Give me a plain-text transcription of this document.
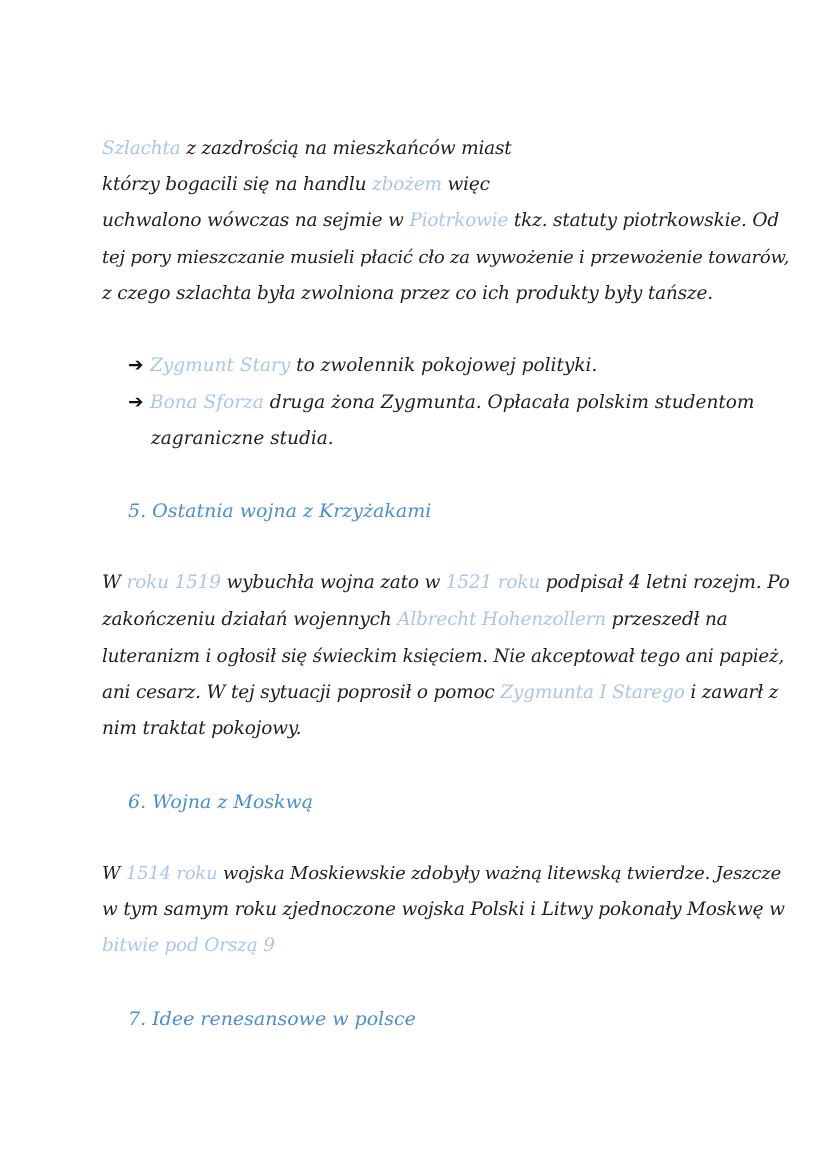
Szlachta z zazdrością na mieszkańców miast
którzy bogacili się na handlu zbożem więc
uchwalono wówczas na sejmie w Piotrkowie tkz. statuty piotrkowskie. Od
tej pory mieszczanie musieli płacić cło za wywożenie i przewożenie towarów,
z czego szlachta była zwolniona przez co ich produkty były tańsze.
➔ Zygmunt Stary to zwolennik pokojowej polityki.
➔ Bona Sforza druga żona Zygmunta. Opłacała polskim studentom
zagraniczne studia.
5. Ostatnia wojna z Krzyżakami
W roku 1519 wybuchła wojna zato w 1521 roku podpisał 4 letni rozejm. Po
zakończeniu działań wojennych Albrecht Hohenzollern przeszedł na
luteranizm i ogłosił się świeckim księciem. Nie akceptował tego ani papież,
ani cesarz. W tej sytuacji poprosił o pomoc Zygmunta I Starego i zawarł z
nim traktat pokojowy.
6. Wojna z Moskwą
W 1514 roku wojska Moskiewskie zdobyły ważną litewską twierdze. Jeszcze
w tym samym roku zjednoczone wojska Polski i Litwy pokonały Moskwę w
bitwie pod Orszą 9
7. Idee renesansowe w polsce
